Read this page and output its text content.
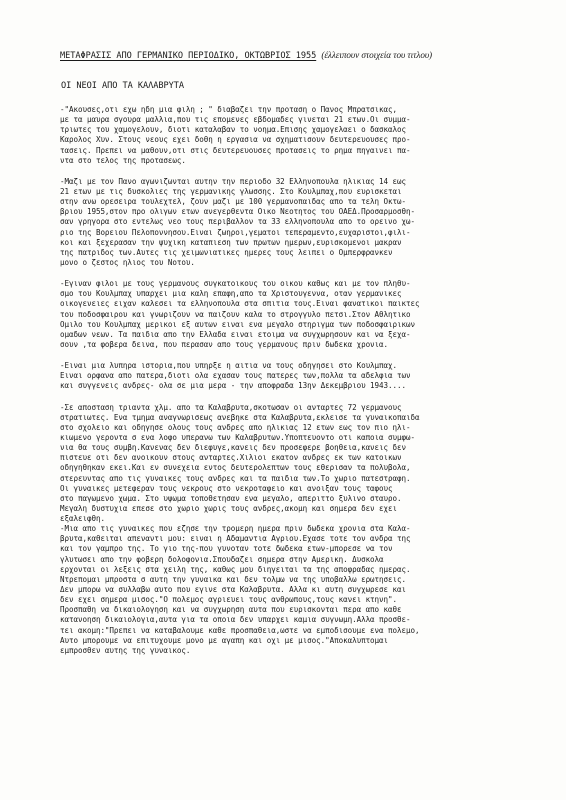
ΜΕΤΑΦΡΑΣΙΣ ΑΠΟ ΓΕΡΜΑΝΙΚΟ ΠΕΡΙΟΔΙΚΟ, ΟΚΤΩΒΡΙΟΣ 1955 (έλλειπουν στοιχεία του τιτλου)
ΟΙ ΝΕΟΙ ΑΠΟ ΤΑ ΚΑΛΑΒΡΥΤΑ
-"Ακουσες,οτι εχω ηδη μια φιλη ; " διαβαζει την προταση ο Πανος Μπρατσικας,
με τα μαυρα σγουρα μαλλια,που τις επομενες εβδομαδες γινεται 21 ετων.Οι συμμα-
τριωτες του χαμογελουν, διοτι καταλαβαν το νοημα.Επισης χαμογελαει ο δασκαλος
Καρολος Χυν. Στους νεους εχει δοθη η εργασια να σχηματισουν δευτερευουσες προ-
τασεις. Πρεπει να μαθουν,οτι στις δευτερευουσες προτασεις το ρημα πηγαινει πα-
ντα στο τελος της προτασεως.
-Μαζι με τον Πανο αγωνιζωνται αυτην την περιοδο 32 Ελληνοπουλα ηλικιας 14 εως
21 ετων με τις δυσκολιες της γερμανικης γλωσσης. Στο Κουλμπαχ,που ευρισκεται
στην ανω ορεσειρα τουλεχτελ, ζουν μαζι με 100 γερμανοπαιδας απο τα τελη Οκτω-
βριου 1955,στον προ ολιγων ετων ανεγερθεντα Οικο Νεοτητος του ΟΑΕΔ.Προσαρμοσθη-
σαν γρηγορα στο εντελως νεο τους περιβαλλον τα 33 ελληνοπουλα απο το ορεινο χω-
ριο της Βορειου Πελοποννησου.Ειναι ζωηροι,γεματοι τεπεραμεντο,ευχαριστοι,φιλι-
κοι και ξεχερασαν την ψυχικη καταπιεση των πρωτων ημερων,ευρισκομενοι μακραν
της πατριδος των.Αυτες τις χειμωνιατικες ημερες τους λειπει ο Ομπερφρανκεν
μονο ο ζεστος ηλιος του Νοτου.
-Εγιναν φιλοι με τους γερμανους συγκατοικους του οικου καθως και με τον πληθυ-
σμο του Κουλμπαχ υπαρχει μια καλη επαφη,απο τα Χριστουγεννα, οταν γερμανικες
οικογενειες ειχαν καλεσει τα ελληνοπουλα στα σπιτια τους.Ειναι φανατικοι παικτες
του ποδοσφαιρου και γνωριζουν να παιζουν καλα το στρογγυλο πετσι.Στον Αθλητικο
Ομιλο του Κουλμπαχ μερικοι εξ αυτων ειναι ενα μεγαλο στηριγμα των ποδοσφαιρικων
ομαδων νεων. Τα παιδια απο την Ελλαδα ειναι ετοιμα να συγχωρησουν και να ξεχα-
σουν ,τα φοβερα δεινα, που περασαν απο τους γερμανους πριν δωδεκα χρονια.
-Ειναι μια λυπηρα ιστορια,που υπηρξε η αιτια να τους οδηγησει στο Κουλμπαχ.
Ειναι ορφανα απο πατερα,διοτι ολα εχασαν τους πατερες των,πολλα τα αδελφια των
και συγγενεις ανδρες- ολα σε μια μερα - την αποφραδα 13ην Δεκεμβριου 1943....
-Σε αποσταση τριαντα χλμ. απο τα Καλαβρυτα,σκοτωσαν οι ανταρτες 72 γερμανους
στρατιωτες. Ενα τμημα αναγνωρισεως ανεβηκε στα Καλαβρυτα,εκλεισε τα γυναικοπαιδα
στο σχολειο και οδηγησε ολους τους ανδρες απο ηλικιας 12 ετων εως τον πιο ηλι-
κιωμενο γεροντα σ ενα λοφο υπερανω των Καλαβρυτων.Υποπτευοντο οτι καποια συμφω-
νια θα τους συμβη.Κανενας δεν διεφυγε,κανεις δεν προσεφερε βοηθεια,κανεις δεν
πιστευε οτι δεν ανοικουν στους ανταρτες.Χιλιοι εκατον ανδρες εκ των κατοικων
οδηγηθηκαν εκει.Και εν συνεχεια εντος δευτερολεπτων τους εθερισαν τα πολυβολα,
στερευντας απο τις γυναικες τους ανδρες και τα παιδια των.Το χωριο πατεστραφη.
Οι γυναικες μετεφεραν τους νεκρους στο νεκροταφειο και ανοιξαν τους ταφους
στο παγωμενο χωμα. Στο υψωμα τοποθετησαν ενα μεγαλο, απεριττο ξυλινο σταυρο.
Μεγαλη δυστυχια επεσε στο χωριο χωρις τους ανδρες,ακομη και σημερα δεν εχει
εξαλειφθη.
-Μια απο τις γυναικες που εζησε την τρομερη ημερα πριν δωδεκα χρονια στα Καλα-
βρυτα,καθειται απεναντι μου: ειναι η Αδαμαντια Αγριου.Εχασε τοτε τον ανδρα της
και τον γαμπρο της. Το γιο της-που γυνοταν τοτε δωδεκα ετων-μπορεσε να τον
γλυτωσει απο την φοβερη δολοφονια.Σπουδαζει σημερα στην Αμερικη. Δυσκολα
ερχονται οι λεξεις στα χειλη της, καθως μου διηγειται τα της αποφραδας ημερας.
Ντρεπομαι μπροστα σ αυτη την γυναικα και δεν τολμω να της υποβαλλω ερωτησεις.
Δεν μπορω να συλλαβω αυτο που εγινε στα Καλαβρυτα. Αλλα κι αυτη συγχωρεσε και
δεν εχει σημερα μισος."Ο πολεμος αγριευει τους ανθρωπους,τους κανει κτηνη".
Προσπαθη να δικαιολογηση και να συγχωρηση αυτα που ευρισκονται περα απο καθε
κατανοηση δικαιολογια,αυτα για τα οποια δεν υπαρχει καμια συγνωμη.Αλλα προσθε-
τει ακομη:"Πρεπει να καταβαλουμε καθε προσπαθεια,ωστε να εμποδισουμε ενα πολεμο,
Αυτο μπορουμε να επιτυχουμε μονο με αγαπη και οχι με μισος."Αποκαλυπτομαι
εμπροσθεν αυτης της γυναικος.
